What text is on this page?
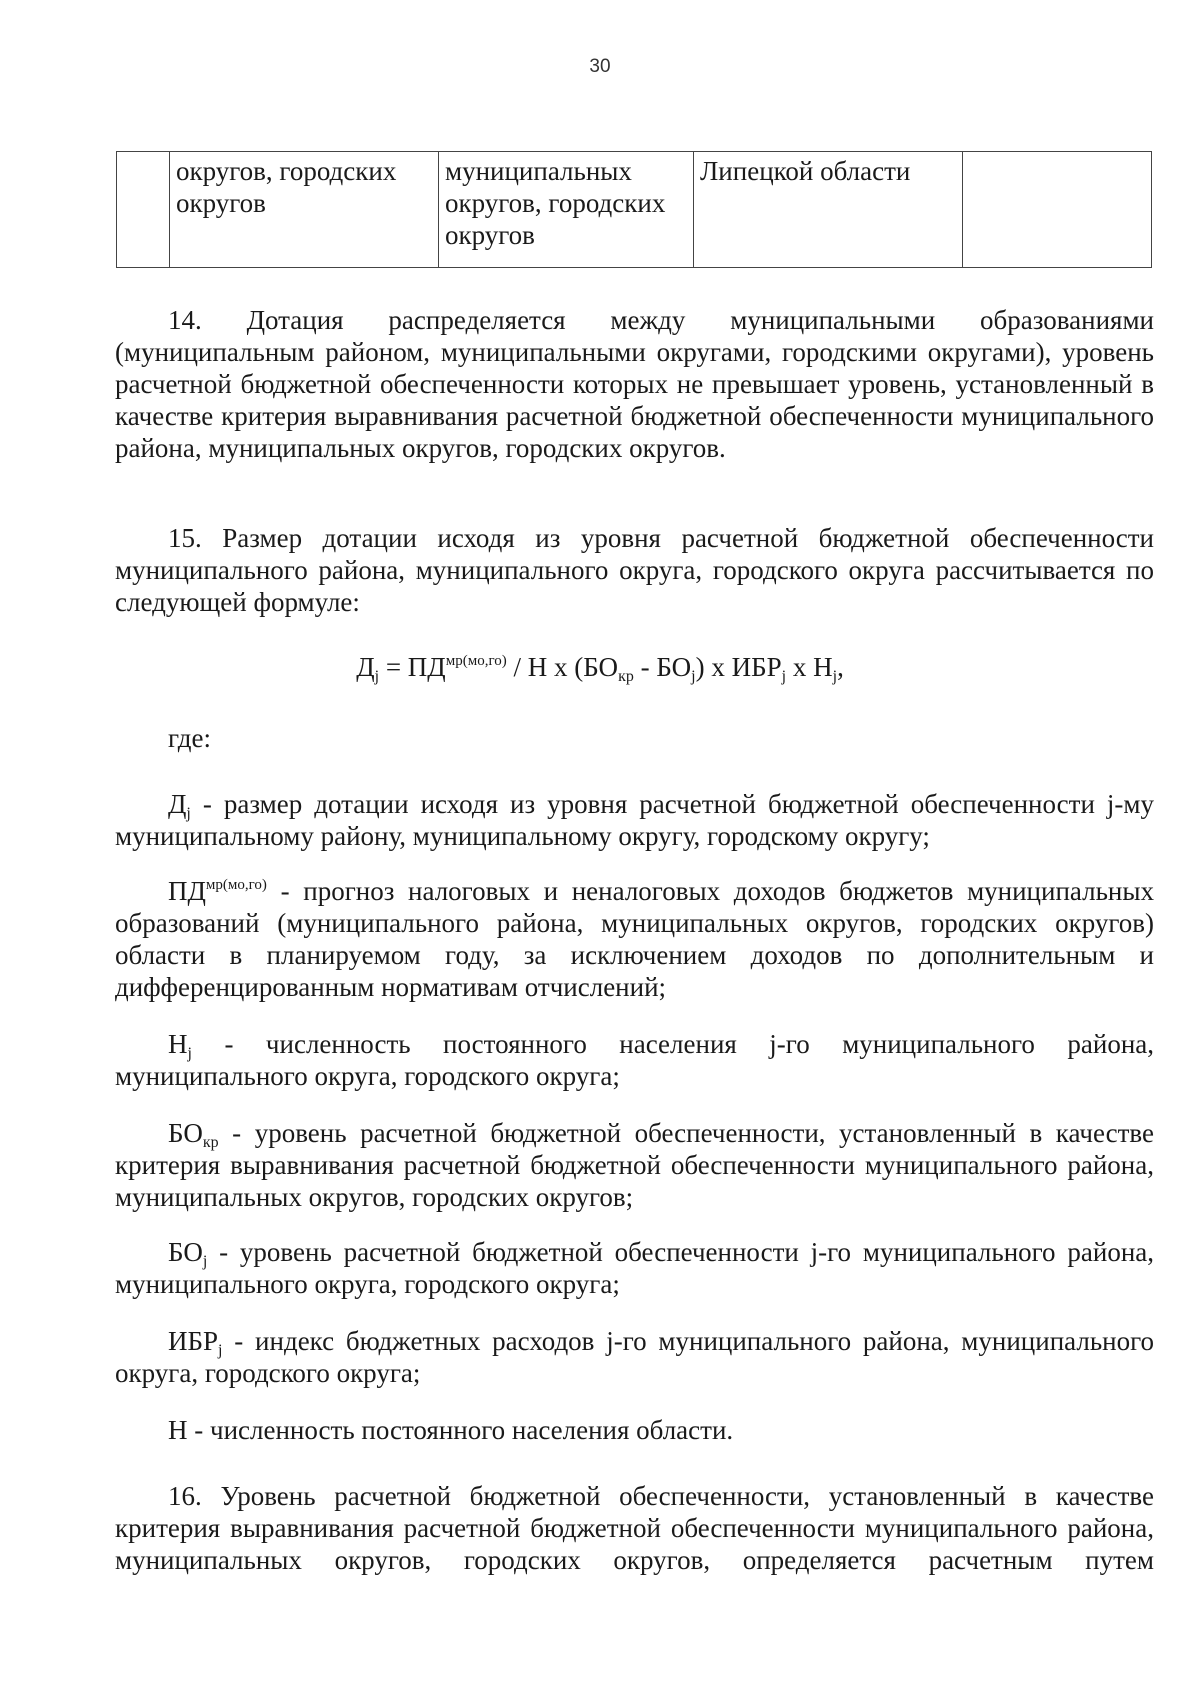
30
	округов, городских округов	муниципальных округов, городских округов	Липецкой области	

14. Дотация распределяется между муниципальными образованиями (муниципальным районом, муниципальными округами, городскими округами), уровень расчетной бюджетной обеспеченности которых не превышает уровень, установленный в качестве критерия выравнивания расчетной бюджетной обеспеченности муниципального района, муниципальных округов, городских округов.

15. Размер дотации исходя из уровня расчетной бюджетной обеспеченности муниципального района, муниципального округа, городского округа рассчитывается по следующей формуле:

$Д_j = ПД^{мр(мо,го)} / Н$ x $(БО_{кр} - БО_j)$ x $ИБР_j$ x $Н_j$,
где:

$Д_j$ - размер дотации исходя из уровня расчетной бюджетной обеспеченности j-му муниципальному району, муниципальному округу, городскому округу;

$ПД^{мр(мо,го)}$ - прогноз налоговых и неналоговых доходов бюджетов муниципальных образований (муниципального района, муниципальных округов, городских округов) области в планируемом году, за исключением доходов по дополнительным и дифференцированным нормативам отчислений;

$Н_j$ - численность постоянного населения j-го муниципального района, муниципального округа, городского округа;

$БО_{кр}$ - уровень расчетной бюджетной обеспеченности, установленный в качестве критерия выравнивания расчетной бюджетной обеспеченности муниципального района, муниципальных округов, городских округов;

$БО_j$ - уровень расчетной бюджетной обеспеченности j-го муниципального района, муниципального округа, городского округа;

$ИБР_j$ - индекс бюджетных расходов j-го муниципального района, муниципального округа, городского округа;

Н - численность постоянного населения области.

16. Уровень расчетной бюджетной обеспеченности, установленный в качестве критерия выравнивания расчетной бюджетной обеспеченности муниципального района, муниципальных округов, городских округов, определяется расчетным путем
